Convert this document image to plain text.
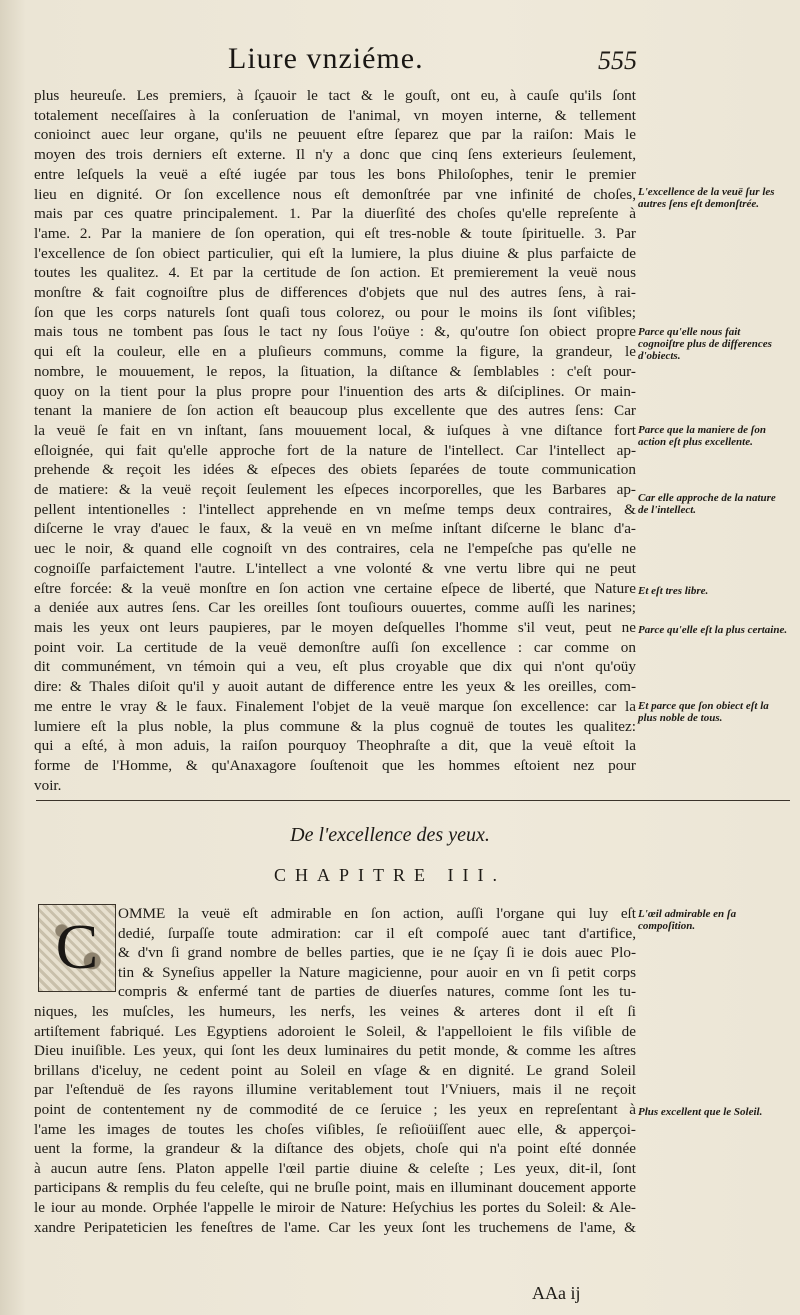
Liure vnziéme.	555

plus heureuſe. Les premiers, à ſçauoir le tact & le gouſt, ont eu, à cauſe qu'ils ſont

totalement neceſſaires à la conſeruation de l'animal, vn moyen interne, & tellement

conioinct auec leur organe, qu'ils ne peuuent eſtre ſeparez que par la raiſon: Mais le

moyen des trois derniers eſt externe. Il n'y a donc que cinq ſens exterieurs ſeulement,

entre leſquels la veuë a eſté iugée par tous les bons Philoſophes, tenir le premier

lieu en dignité. Or ſon excellence nous eſt demonſtrée par vne infinité de choſes,

mais par ces quatre principalement. 1. Par la diuerſité des choſes qu'elle repreſente à

l'ame. 2. Par la maniere de ſon operation, qui eſt tres-noble & toute ſpirituelle. 3. Par

l'excellence de ſon obiect particulier, qui eſt la lumiere, la plus diuine & plus parfaicte de

toutes les qualitez. 4. Et par la certitude de ſon action. Et premierement la veuë nous

monſtre & fait cognoiſtre plus de differences d'objets que nul des autres ſens, à rai-

ſon que les corps naturels ſont quaſi tous colorez, ou pour le moins ils ſont viſibles;

mais tous ne tombent pas ſous le tact ny ſous l'oüye : &, qu'outre ſon obiect propre

qui eſt la couleur, elle en a pluſieurs communs, comme la figure, la grandeur, le

nombre, le mouuement, le repos, la ſituation, la diſtance & ſemblables : c'eſt pour-

quoy on la tient pour la plus propre pour l'inuention des arts & diſciplines. Or main-

tenant la maniere de ſon action eſt beaucoup plus excellente que des autres ſens: Car

la veuë ſe fait en vn inſtant, ſans mouuement local, & iuſques à vne diſtance fort

eſloignée, qui fait qu'elle approche fort de la nature de l'intellect. Car l'intellect ap-

prehende & reçoit les idées & eſpeces des obiets ſeparées de toute communication

de matiere: & la veuë reçoit ſeulement les eſpeces incorporelles, que les Barbares ap-

pellent intentionelles : l'intellect apprehende en vn meſme temps deux contraires, &

diſcerne le vray d'auec le faux, & la veuë en vn meſme inſtant diſcerne le blanc d'a-

uec le noir, & quand elle cognoiſt vn des contraires, cela ne l'empeſche pas qu'elle ne

cognoiſſe parfaictement l'autre. L'intellect a vne volonté & vne vertu libre qui ne peut

eſtre forcée: & la veuë monſtre en ſon action vne certaine eſpece de liberté, que Nature

a deniée aux autres ſens. Car les oreilles ſont touſiours ouuertes, comme auſſi les narines;

mais les yeux ont leurs paupieres, par le moyen deſquelles l'homme s'il veut, peut ne

point voir. La certitude de la veuë demonſtre auſſi ſon excellence : car comme on

dit communément, vn témoin qui a veu, eſt plus croyable que dix qui n'ont qu'oüy

dire: & Thales diſoit qu'il y auoit autant de difference entre les yeux & les oreilles, com-

me entre le vray & le faux. Finalement l'objet de la veuë marque ſon excellence: car la

lumiere eſt la plus noble, la plus commune & la plus cognuë de toutes les qualitez:

qui a eſté, à mon aduis, la raiſon pourquoy Theophraſte a dit, que la veuë eſtoit la

forme de l'Homme, & qu'Anaxagore ſouſtenoit que les hommes eſtoient nez pour

voir.

L'excellence de la veuë ſur les autres ſens eſt demonſtrée.
Parce qu'elle nous fait cognoiſtre plus de differences d'obiects.
Parce que la maniere de ſon action eſt plus excellente.
Car elle approche de la nature de l'intellect.
Et eſt tres libre.
Parce qu'elle eſt la plus certaine.
Et parce que ſon obiect eſt la plus noble de tous.
L'œil admirable en ſa compoſition.
Plus excellent que le Soleil.
De l'excellence des yeux.
CHAPITRE III.
C	OMME la veuë eſt admirable en ſon action, auſſi l'organe qui luy eſt
dedié, ſurpaſſe toute admiration: car il eſt compoſé auec tant d'artifice,
& d'vn ſi grand nombre de belles parties, que ie ne ſçay ſi ie dois auec Plo-
tin & Syneſius appeller la Nature magicienne, pour auoir en vn ſi petit corps
compris & enfermé tant de parties de diuerſes natures, comme ſont les tu-
niques, les muſcles, les humeurs, les nerfs, les veines & arteres dont il eſt ſi
artiſtement fabriqué. Les Egyptiens adoroient le Soleil, & l'appelloient le fils viſible de
Dieu inuiſible. Les yeux, qui ſont les deux luminaires du petit monde, & comme les aſtres
brillans d'iceluy, ne cedent point au Soleil en vſage & en dignité. Le grand Soleil
par l'eſtenduë de ſes rayons illumine veritablement tout l'Vniuers, mais il ne reçoit
point de contentement ny de commodité de ce ſeruice ; les yeux en repreſentant à
l'ame les images de toutes les choſes viſibles, ſe reſioüiſſent auec elle, & apperçoi-
uent la forme, la grandeur & la diſtance des objets, choſe qui n'a point eſté donnée
à aucun autre ſens. Platon appelle l'œil partie diuine & celeſte ; Les yeux, dit-il, ſont
participans & remplis du feu celeſte, qui ne bruſle point, mais en illuminant doucement apporte
le iour au monde. Orphée l'appelle le miroir de Nature: Heſychius les portes du Soleil: & Ale-
xandre Peripateticien les feneſtres de l'ame. Car les yeux ſont les truchemens de l'ame, &
AAa ij
